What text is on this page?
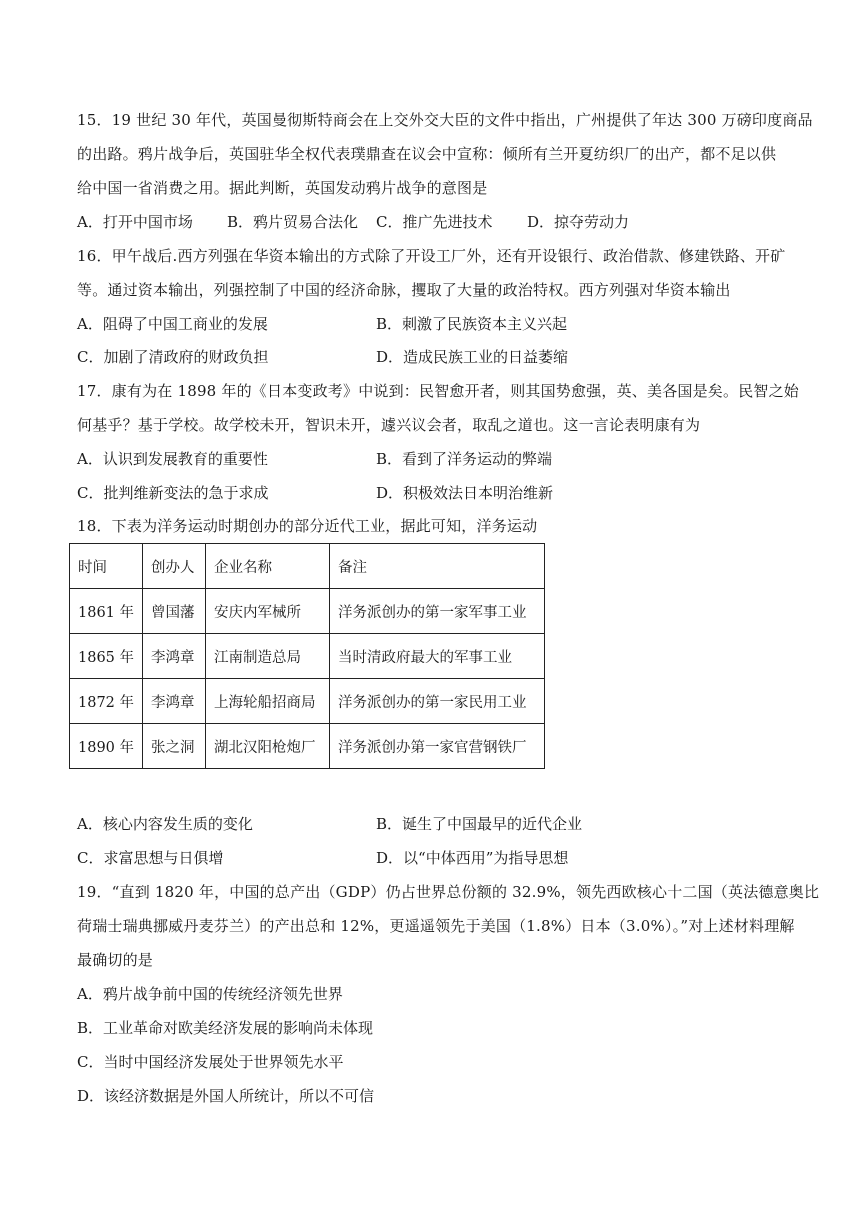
15．19 世纪 30 年代，英国曼彻斯特商会在上交外交大臣的文件中指出，广州提供了年达 300 万磅印度商品
的出路。鸦片战争后，英国驻华全权代表璞鼎查在议会中宣称：倾所有兰开夏纺织厂的出产，都不足以供
给中国一省消费之用。据此判断，英国发动鸦片战争的意图是
A．打开中国市场 B．鸦片贸易合法化 C．推广先进技术 D．掠夺劳动力
16．甲午战后.西方列强在华资本输出的方式除了开设工厂外，还有开设银行、政治借款、修建铁路、开矿
等。通过资本输出，列强控制了中国的经济命脉，攫取了大量的政治特权。西方列强对华资本输出
A．阻碍了中国工商业的发展	B．刺激了民族资本主义兴起
C．加剧了清政府的财政负担	D．造成民族工业的日益萎缩
17．康有为在 1898 年的《日本变政考》中说到：民智愈开者，则其国势愈强，英、美各国是矣。民智之始
何基乎？基于学校。故学校未开，智识未开，遽兴议会者，取乱之道也。这一言论表明康有为
A．认识到发展教育的重要性	B．看到了洋务运动的弊端
C．批判维新变法的急于求成	D．积极效法日本明治维新
18．下表为洋务运动时期创办的部分近代工业，据此可知，洋务运动
时间	创办人	企业名称	备注
1861 年	曾国藩	安庆内军械所	洋务派创办的第一家军事工业
1865 年	李鸿章	江南制造总局	当时清政府最大的军事工业
1872 年	李鸿章	上海轮船招商局	洋务派创办的第一家民用工业
1890 年	张之洞	湖北汉阳枪炮厂	洋务派创办第一家官营钢铁厂
A．核心内容发生质的变化	B．诞生了中国最早的近代企业
C．求富思想与日俱增	D．以“中体西用”为指导思想
19．“直到 1820 年，中国的总产出（GDP）仍占世界总份额的 32.9%，领先西欧核心十二国（英法德意奥比
荷瑞士瑞典挪威丹麦芬兰）的产出总和 12%，更遥遥领先于美国（1.8%）日本（3.0%）。”对上述材料理解
最确切的是
A．鸦片战争前中国的传统经济领先世界
B．工业革命对欧美经济发展的影响尚未体现
C．当时中国经济发展处于世界领先水平
D．该经济数据是外国人所统计，所以不可信
